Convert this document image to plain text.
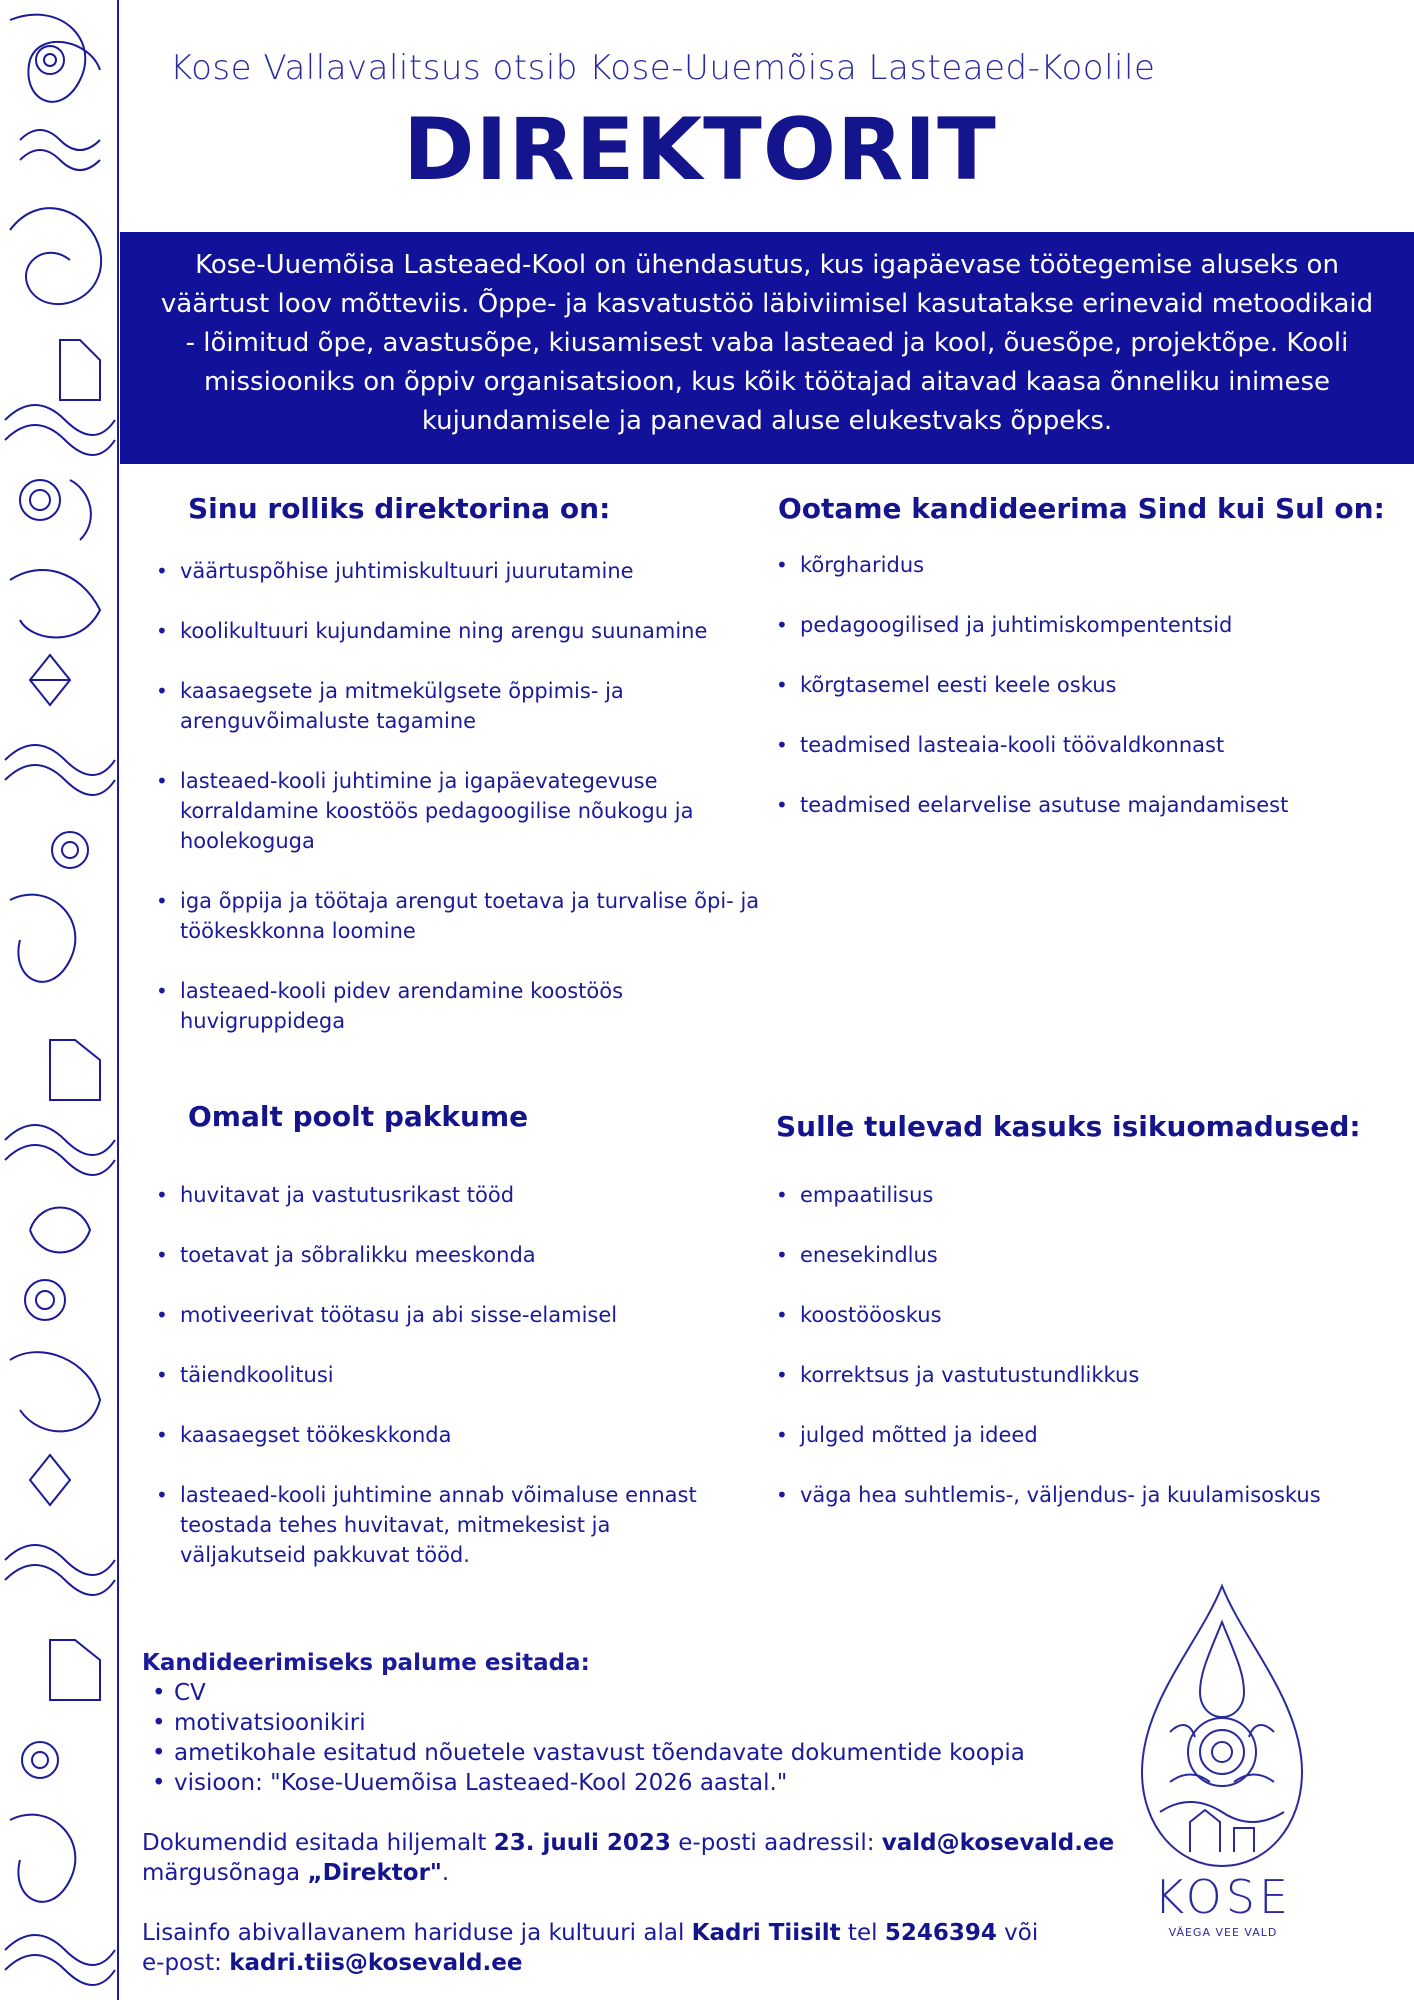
Kose Vallavalitsus otsib Kose-Uuemõisa Lasteaed-Koolile
DIREKTORIT
Kose-Uuemõisa Lasteaed-Kool on ühendasutus, kus igapäevase töötegemise aluseks on väärtust loov mõtteviis. Õppe- ja kasvatustöö läbiviimisel kasutatakse erinevaid metoodikaid - lõimitud õpe, avastusõpe, kiusamisest vaba lasteaed ja kool, õuesõpe, projektõpe. Kooli missiooniks on õppiv organisatsioon, kus kõik töötajad aitavad kaasa õnneliku inimese kujundamisele ja panevad aluse elukestvaks õppeks.
Sinu rolliks direktorina on:
• väärtuspõhise juhtimiskultuuri juurutamine
• koolikultuuri kujundamine ning arengu suunamine
• kaasaegsete ja mitmekülgsete õppimis- ja arenguvõimaluste tagamine
• lasteaed-kooli juhtimine ja igapäevategevuse korraldamine koostöös pedagoogilise nõukogu ja hoolekoguga
• iga õppija ja töötaja arengut toetava ja turvalise õpi- ja töökeskkonna loomine
• lasteaed-kooli pidev arendamine koostöös huvigruppidega
Ootame kandideerima Sind kui Sul on:
• kõrgharidus
• pedagoogilised ja juhtimiskompententsid
• kõrgtasemel eesti keele oskus
• teadmised lasteaia-kooli töövaldkonnast
• teadmised eelarvelise asutuse majandamisest
Omalt poolt pakkume
• huvitavat ja vastutusrikast tööd
• toetavat ja sõbralikku meeskonda
• motiveerivat töötasu ja abi sisse-elamisel
• täiendkoolitusi
• kaasaegset töökeskkonda
• lasteaed-kooli juhtimine annab võimaluse ennast teostada tehes huvitavat, mitmekesist ja väljakutseid pakkuvat tööd.
Sulle tulevad kasuks isikuomadused:
• empaatilisus
• enesekindlus
• koostööoskus
• korrektsus ja vastutustundlikkus
• julged mõtted ja ideed
• väga hea suhtlemis-, väljendus- ja kuulamisoskus
Kandideerimiseks palume esitada:
• CV
• motivatsioonikiri
• ametikohale esitatud nõuetele vastavust tõendavate dokumentide koopia
• visioon: "Kose-Uuemõisa Lasteaed-Kool 2026 aastal."
Dokumendid esitada hiljemalt 23. juuli 2023 e-posti aadressil: vald@kosevald.ee
märgusõnaga „Direktor".
Lisainfo abivallavanem hariduse ja kultuuri alal Kadri Tiisilt tel 5246394 või
e-post: kadri.tiis@kosevald.ee
KOSE
VÄEGA VEE VALD
